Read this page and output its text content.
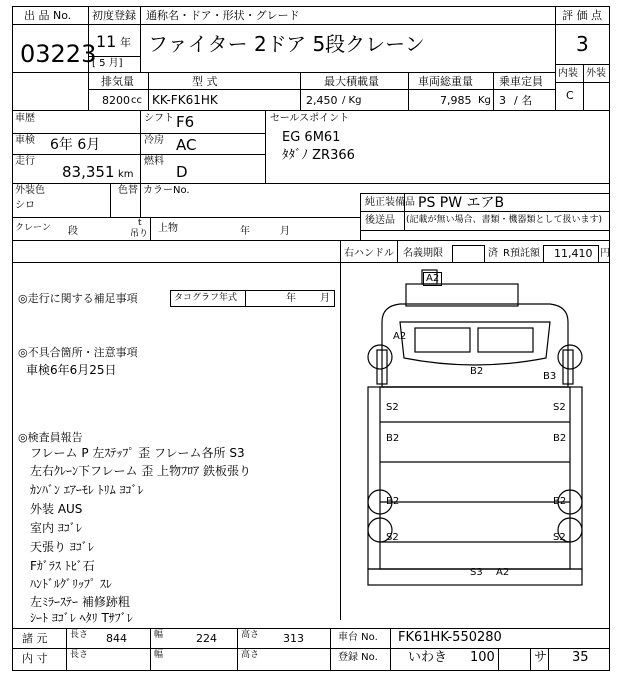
A2
A2
B2	B3
S2	S2
B2	B2
B2	B2
S2	S2
S3 A2
出 品 No.
03223
初度登録 通称名・ドア・形状・グレード
11 年
[ 5 月]
ファイター 2ドア 5段クレーン
評 価 点
3
内装 外装
C
排気量	型 式	最大積載量	車両総重量 乗車定員
8200 cc KK-FK61HK	2,450 / Kg	7,985 Kg 3 / 名
車歴	シフト F6
車検 6年 6月	冷房 AC
走行
83,351 km
燃料
D
セールスポイント
EG 6M61
ﾀﾀﾞﾉ ZR366
外装色
シロ
色替 カラーNo.
純正装備品 PS PW エアB
後送品 (記載が無い場合、書類・機器類として扱います)
クレーン 段
t
吊り 上物	年	月
右ハンドル 名義期限	済 R預託額 11,410 円
◎走行に関する補足事項	タコグラフ年式	年 月
◎不具合箇所・注意事項
車検6年6月25日
◎検査員報告
フレーム P 左ｽﾃｯﾌﾟ 歪 フレーム各所 S3
左右ｸﾚｰﾝ下フレーム 歪 上物ﾌﾛｱ 鉄板張り
ｶﾝﾊﾞﾝ ｴｱｰﾓﾚ ﾄﾘﾑ ﾖｺﾞﾚ
外装 AUS
室内 ﾖｺﾞﾚ
天張り ﾖｺﾞﾚ
Fｶﾞﾗｽ ﾄﾋﾞ石
ﾊﾝﾄﾞﾙｸﾞﾘｯﾌﾟ ｽﾚ
左ﾐﾗｰｽﾃｰ 補修跡粗
ｼｰﾄ ﾖｺﾞﾚ ﾍﾀﾘ Tｻﾌﾞﾚ
諸 元	長さ 844	幅	224	高さ 313	車台 No. FK61HK-550280
内 寸	長さ	幅	高さ	登録 No. いわき 100	サ 35
